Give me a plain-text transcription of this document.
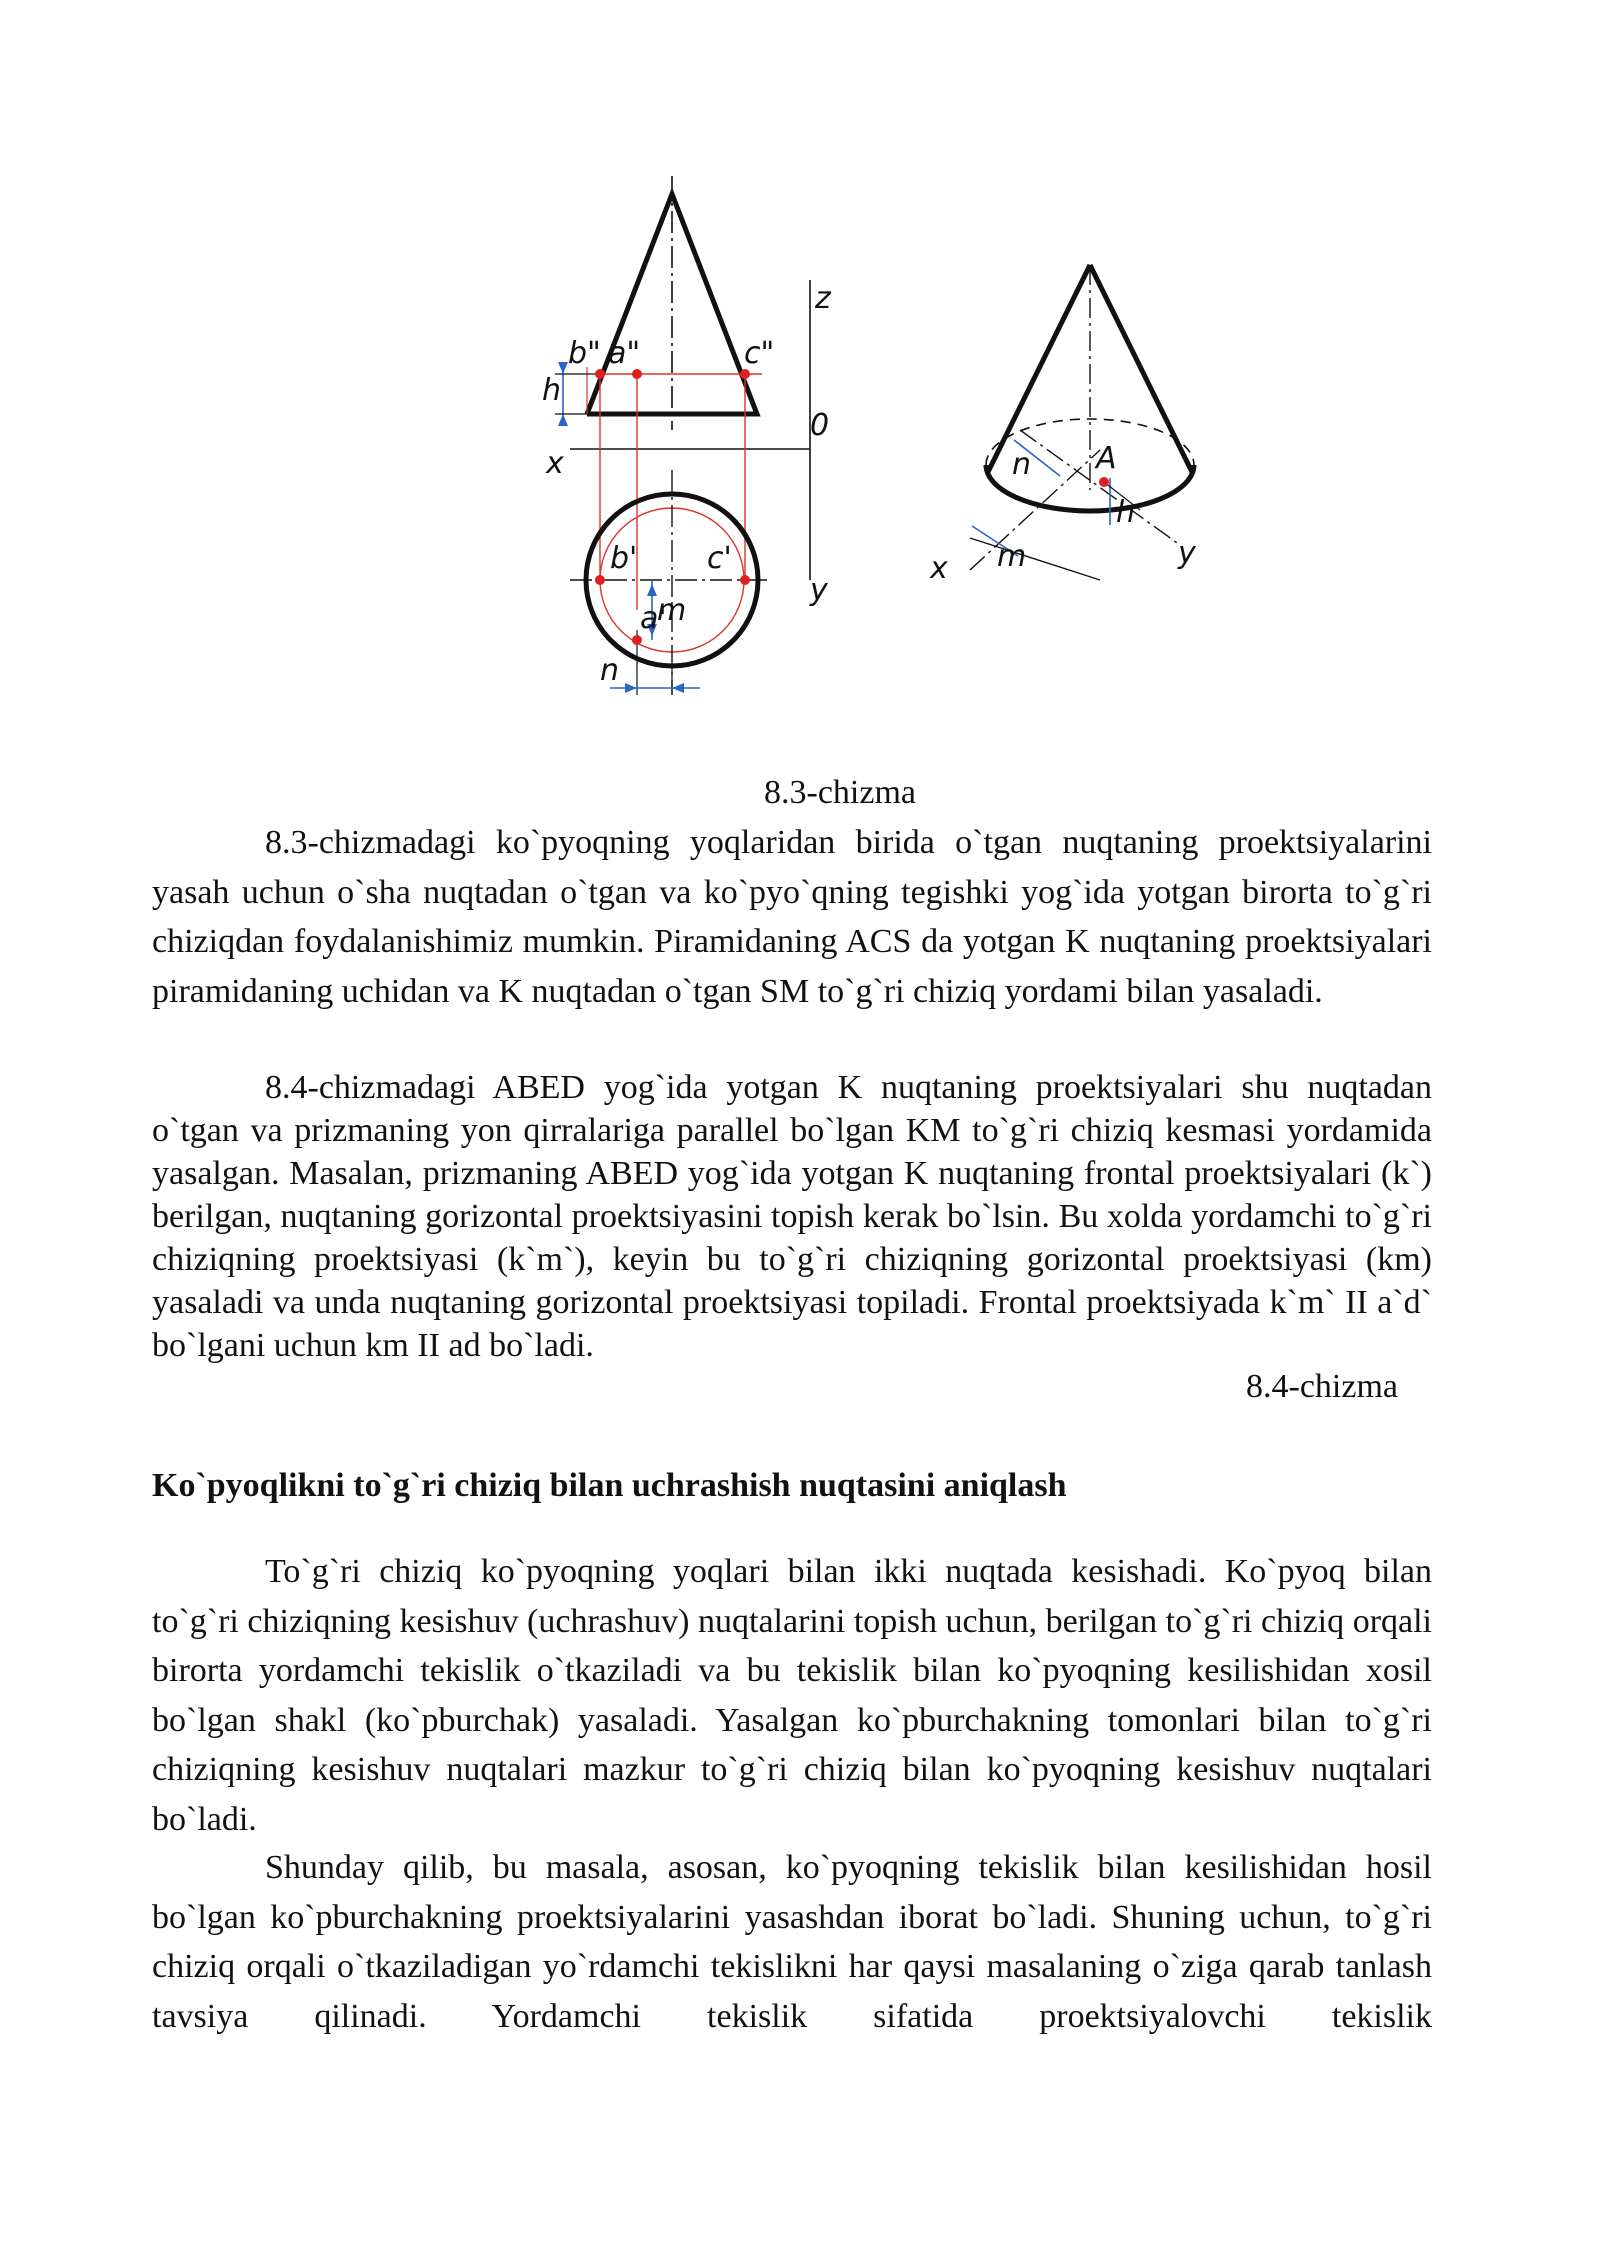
b" a"	c"
z
0
x
h
b' c'
a'
m
y
n
A
n
h
x m	y
8.3-chizma

8.3-chizmadagi ko`pyoqning yoqlaridan birida o`tgan nuqtaning proektsiyalarini yasah uchun o`sha nuqtadan o`tgan va ko`pyo`qning tegishki yog`ida yotgan birorta to`g`ri chiziqdan foydalanishimiz mumkin. Piramidaning ACS da yotgan K nuqtaning proektsiyalari piramidaning uchidan va K nuqtadan o`tgan SM to`g`ri chiziq yordami bilan yasaladi.

8.4-chizmadagi ABED yog`ida yotgan K nuqtaning proektsiyalari shu nuqtadan o`tgan va prizmaning yon qirralariga parallel bo`lgan KM to`g`ri chiziq kesmasi yordamida yasalgan. Masalan, prizmaning ABED yog`ida yotgan K nuqtaning frontal proektsiyalari (k`) berilgan, nuqtaning gorizontal proektsiyasini topish kerak bo`lsin. Bu xolda yordamchi to`g`ri chiziqning proektsiyasi (k`m`), keyin bu to`g`ri chiziqning gorizontal proektsiyasi (km) yasaladi va unda nuqtaning gorizontal proektsiyasi topiladi. Frontal proektsiyada k`m` II a`d` bo`lgani uchun km II ad bo`ladi.

8.4-chizma

Ko`pyoqlikni to`g`ri chiziq bilan uchrashish nuqtasini aniqlash

To`g`ri chiziq ko`pyoqning yoqlari bilan ikki nuqtada kesishadi. Ko`pyoq bilan to`g`ri chiziqning kesishuv (uchrashuv) nuqtalarini topish uchun, berilgan to`g`ri chiziq orqali birorta yordamchi tekislik o`tkaziladi va bu tekislik bilan ko`pyoqning kesilishidan xosil bo`lgan shakl (ko`pburchak) yasaladi. Yasalgan ko`pburchakning tomonlari bilan to`g`ri chiziqning kesishuv nuqtalari mazkur to`g`ri chiziq bilan ko`pyoqning kesishuv nuqtalari bo`ladi.

Shunday qilib, bu masala, asosan, ko`pyoqning tekislik bilan kesilishidan hosil bo`lgan ko`pburchakning proektsiyalarini yasashdan iborat bo`ladi. Shuning uchun, to`g`ri chiziq orqali o`tkaziladigan yo`rdamchi tekislikni har qaysi masalaning o`ziga qarab tanlash tavsiya qilinadi. Yordamchi tekislik sifatida proektsiyalovchi tekislik
